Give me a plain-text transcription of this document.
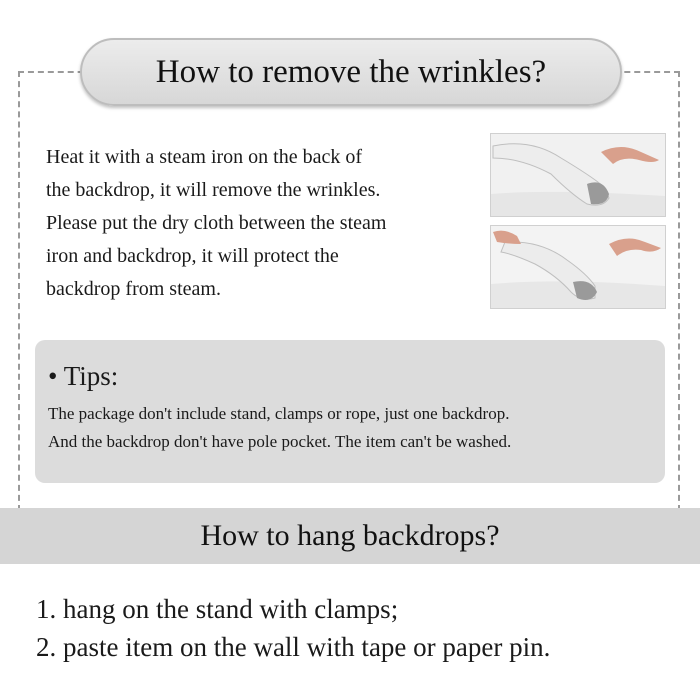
How to remove the wrinkles?

Heat it with a steam iron on the back of
the backdrop, it will remove the wrinkles.
Please put the dry cloth between the steam
iron and backdrop, it will protect the
backdrop from steam.

• Tips:

The package don't include stand, clamps or rope, just one backdrop.
And the backdrop don't have pole pocket. The item can't be washed.

How to hang backdrops?
1. hang on the stand with clamps;
2. paste item on the wall with tape or paper pin.
